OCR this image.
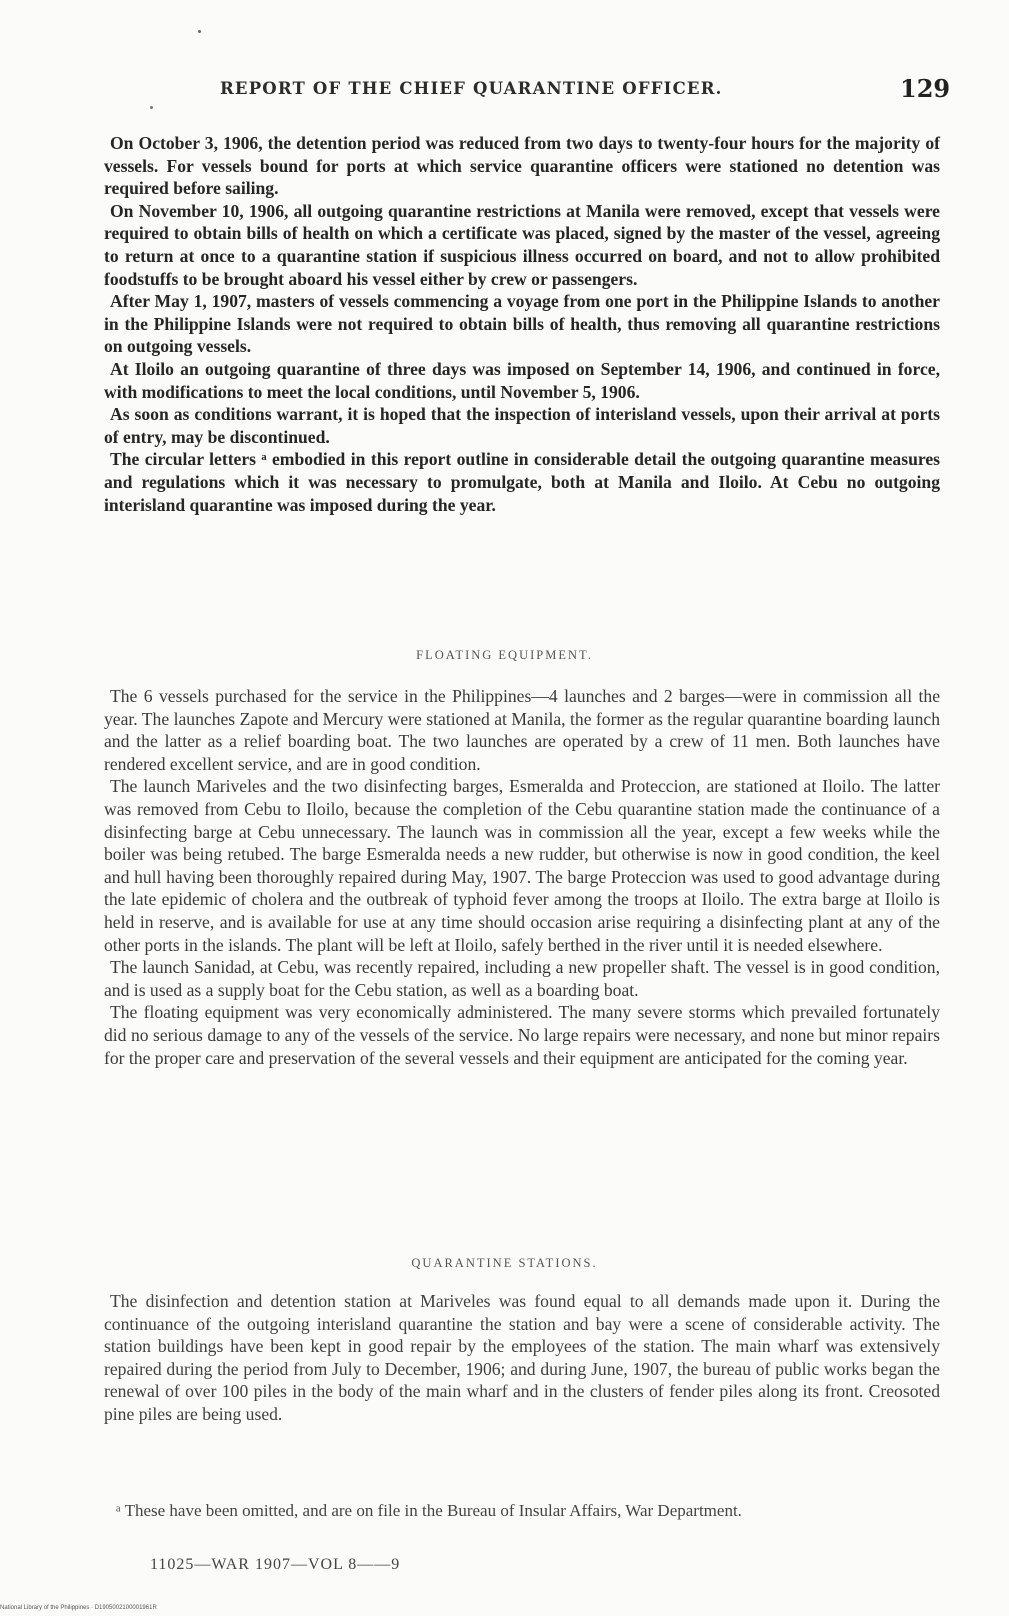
REPORT OF THE CHIEF QUARANTINE OFFICER.	129

On October 3, 1906, the detention period was reduced from two days to twenty-four hours for the majority of vessels. For vessels bound for ports at which service quarantine officers were stationed no detention was required before sailing.

On November 10, 1906, all outgoing quarantine restrictions at Manila were removed, except that vessels were required to obtain bills of health on which a certificate was placed, signed by the master of the vessel, agreeing to return at once to a quarantine station if suspicious illness occurred on board, and not to allow prohibited foodstuffs to be brought aboard his vessel either by crew or passengers.

After May 1, 1907, masters of vessels commencing a voyage from one port in the Philippine Islands to another in the Philippine Islands were not required to obtain bills of health, thus removing all quarantine restrictions on outgoing vessels.

At Iloilo an outgoing quarantine of three days was imposed on September 14, 1906, and continued in force, with modifications to meet the local conditions, until November 5, 1906.

As soon as conditions warrant, it is hoped that the inspection of interisland vessels, upon their arrival at ports of entry, may be discontinued.

The circular letters ᵃ embodied in this report outline in considerable detail the outgoing quarantine measures and regulations which it was necessary to promulgate, both at Manila and Iloilo. At Cebu no outgoing interisland quarantine was imposed during the year.

FLOATING EQUIPMENT.

The 6 vessels purchased for the service in the Philippines—4 launches and 2 barges—were in commission all the year. The launches Zapote and Mercury were stationed at Manila, the former as the regular quarantine boarding launch and the latter as a relief boarding boat. The two launches are operated by a crew of 11 men. Both launches have rendered excellent service, and are in good condition.

The launch Mariveles and the two disinfecting barges, Esmeralda and Proteccion, are stationed at Iloilo. The latter was removed from Cebu to Iloilo, because the completion of the Cebu quarantine station made the continuance of a disinfecting barge at Cebu unnecessary. The launch was in commission all the year, except a few weeks while the boiler was being retubed. The barge Esmeralda needs a new rudder, but otherwise is now in good condition, the keel and hull having been thoroughly repaired during May, 1907. The barge Proteccion was used to good advantage during the late epidemic of cholera and the outbreak of typhoid fever among the troops at Iloilo. The extra barge at Iloilo is held in reserve, and is available for use at any time should occasion arise requiring a disinfecting plant at any of the other ports in the islands. The plant will be left at Iloilo, safely berthed in the river until it is needed elsewhere.

The launch Sanidad, at Cebu, was recently repaired, including a new propeller shaft. The vessel is in good condition, and is used as a supply boat for the Cebu station, as well as a boarding boat.

The floating equipment was very economically administered. The many severe storms which prevailed fortunately did no serious damage to any of the vessels of the service. No large repairs were necessary, and none but minor repairs for the proper care and preservation of the several vessels and their equipment are anticipated for the coming year.

QUARANTINE STATIONS.

The disinfection and detention station at Mariveles was found equal to all demands made upon it. During the continuance of the outgoing interisland quarantine the station and bay were a scene of considerable activity. The station buildings have been kept in good repair by the employees of the station. The main wharf was extensively repaired during the period from July to December, 1906; and during June, 1907, the bureau of public works began the renewal of over 100 piles in the body of the main wharf and in the clusters of fender piles along its front. Creosoted pine piles are being used.

ᵃ These have been omitted, and are on file in the Bureau of Insular Affairs, War Department.

11025—WAR 1907—VOL 8——9
National Library of the Philippines · D1905002100001961R
